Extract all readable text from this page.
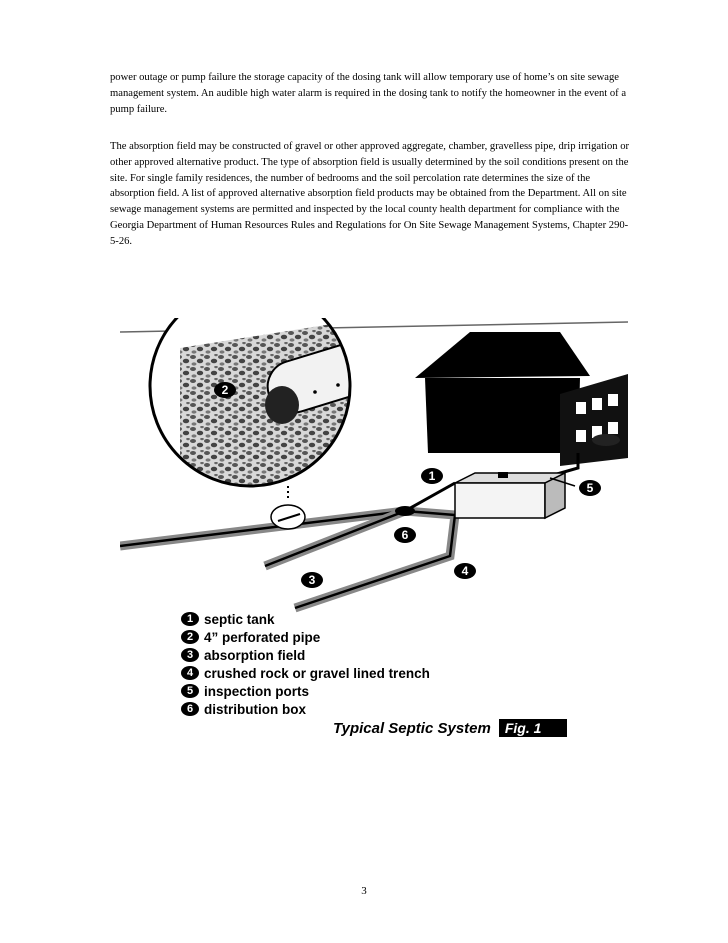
power outage or pump failure the storage capacity of the dosing tank will allow temporary use of home’s on site sewage management system. An audible high water alarm is required in the dosing tank to notify the homeowner in the event of a pump failure.

The absorption field may be constructed of gravel or other approved aggregate, chamber, gravelless pipe, drip irrigation or other approved alternative product. The type of absorption field is usually determined by the soil conditions present on the site. For single family residences, the number of bedrooms and the soil percolation rate determines the size of the absorption field. A list of approved alternative absorption field products may be obtained from the Department. All on site sewage management systems are permitted and inspected by the local county health department for compliance with the Georgia Department of Human Resources Rules and Regulations for On Site Sewage Management Systems, Chapter 290-5-26.

1
2
3
4
5
6
1 septic tank
2 4” perforated pipe
3 absorption field
4 crushed rock or gravel lined trench
5 inspection ports
6 distribution box
Typical Septic System	Fig. 1
3
